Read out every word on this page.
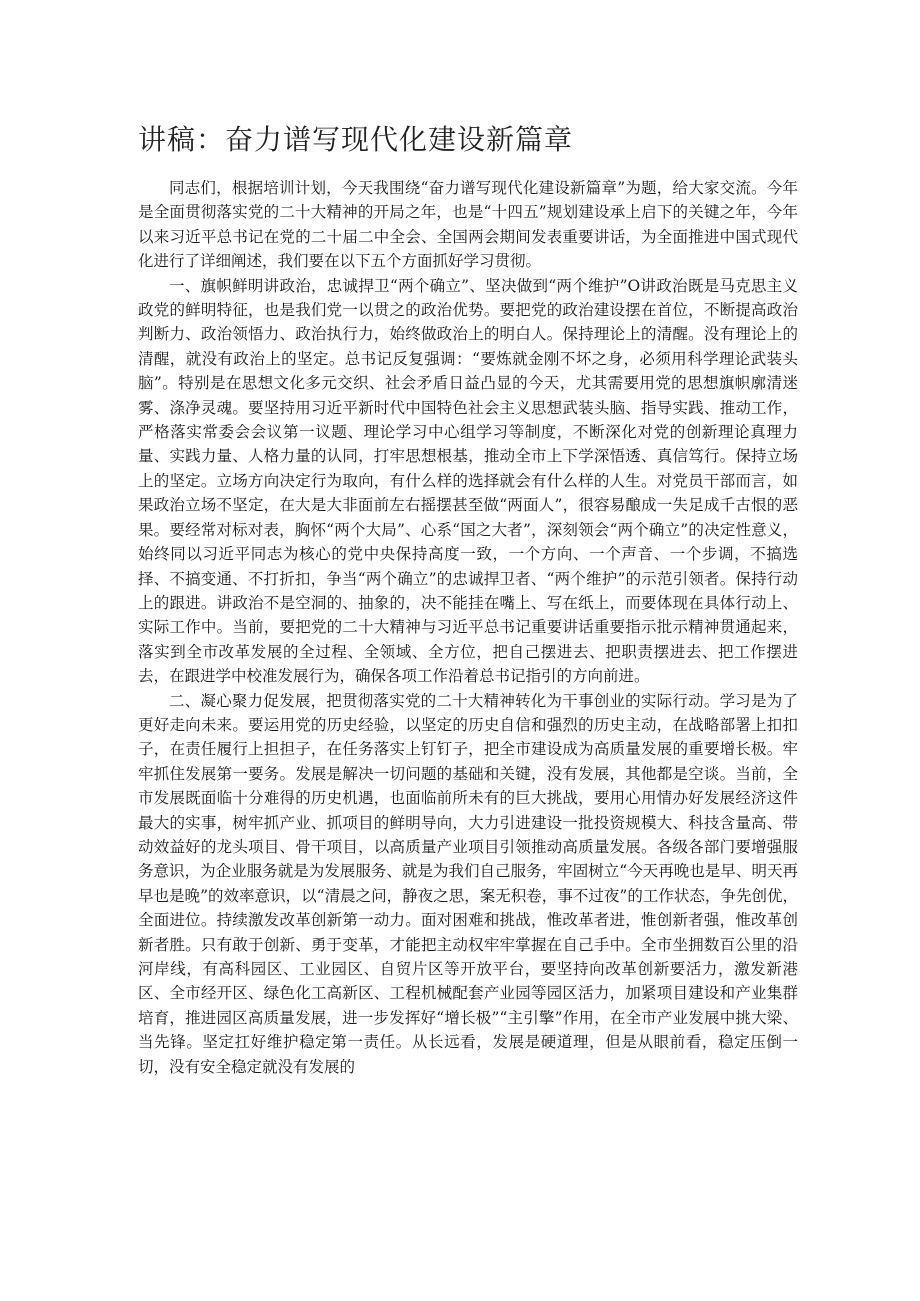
讲稿：奋力谱写现代化建设新篇章

同志们，根据培训计划，今天我围绕“奋力谱写现代化建设新篇章”为题，给大家交流。今年是全面贯彻落实党的二十大精神的开局之年，也是“十四五”规划建设承上启下的关键之年，今年以来习近平总书记在党的二十届二中全会、全国两会期间发表重要讲话，为全面推进中国式现代化进行了详细阐述，我们要在以下五个方面抓好学习贯彻。

一、旗帜鲜明讲政治，忠诚捍卫“两个确立”、坚决做到“两个维护”O讲政治既是马克思主义政党的鲜明特征，也是我们党一以贯之的政治优势。要把党的政治建设摆在首位，不断提高政治判断力、政治领悟力、政治执行力，始终做政治上的明白人。保持理论上的清醒。没有理论上的清醒，就没有政治上的坚定。总书记反复强调：“要炼就金刚不坏之身，必须用科学理论武装头脑”。特别是在思想文化多元交织、社会矛盾日益凸显的今天，尤其需要用党的思想旗帜廓清迷雾、涤净灵魂。要坚持用习近平新时代中国特色社会主义思想武装头脑、指导实践、推动工作，严格落实常委会会议第一议题、理论学习中心组学习等制度，不断深化对党的创新理论真理力量、实践力量、人格力量的认同，打牢思想根基，推动全市上下学深悟透、真信笃行。保持立场上的坚定。立场方向决定行为取向，有什么样的选择就会有什么样的人生。对党员干部而言，如果政治立场不坚定，在大是大非面前左右摇摆甚至做“两面人”，很容易酿成一失足成千古恨的恶果。要经常对标对表，胸怀“两个大局”、心系“国之大者”，深刻领会“两个确立”的决定性意义，始终同以习近平同志为核心的党中央保持高度一致，一个方向、一个声音、一个步调，不搞选择、不搞变通、不打折扣，争当“两个确立”的忠诚捍卫者、“两个维护”的示范引领者。保持行动上的跟进。讲政治不是空洞的、抽象的，决不能挂在嘴上、写在纸上，而要体现在具体行动上、实际工作中。当前，要把党的二十大精神与习近平总书记重要讲话重要指示批示精神贯通起来，落实到全市改革发展的全过程、全领域、全方位，把自己摆进去、把职责摆进去、把工作摆进去，在跟进学中校准发展行为，确保各项工作沿着总书记指引的方向前进。

二、凝心聚力促发展，把贯彻落实党的二十大精神转化为干事创业的实际行动。学习是为了更好走向未来。要运用党的历史经验，以坚定的历史自信和强烈的历史主动，在战略部署上扣扣子，在责任履行上担担子，在任务落实上钉钉子，把全市建设成为高质量发展的重要增长极。牢牢抓住发展第一要务。发展是解决一切问题的基础和关键，没有发展，其他都是空谈。当前，全市发展既面临十分难得的历史机遇，也面临前所未有的巨大挑战，要用心用情办好发展经济这件最大的实事，树牢抓产业、抓项目的鲜明导向，大力引进建设一批投资规模大、科技含量高、带动效益好的龙头项目、骨干项目，以高质量产业项目引领推动高质量发展。各级各部门要增强服务意识，为企业服务就是为发展服务、就是为我们自己服务，牢固树立“今天再晚也是早、明天再早也是晚”的效率意识，以“清晨之问，静夜之思，案无积卷，事不过夜”的工作状态，争先创优，全面进位。持续激发改革创新第一动力。面对困难和挑战，惟改革者进，惟创新者强，惟改革创新者胜。只有敢于创新、勇于变革，才能把主动权牢牢掌握在自己手中。全市坐拥数百公里的沿河岸线，有高科园区、工业园区、自贸片区等开放平台，要坚持向改革创新要活力，激发新港区、全市经开区、绿色化工高新区、工程机械配套产业园等园区活力，加紧项目建设和产业集群培育，推进园区高质量发展，进一步发挥好“增长极”“主引擎”作用，在全市产业发展中挑大梁、当先锋。坚定扛好维护稳定第一责任。从长远看，发展是硬道理，但是从眼前看，稳定压倒一切，没有安全稳定就没有发展的
